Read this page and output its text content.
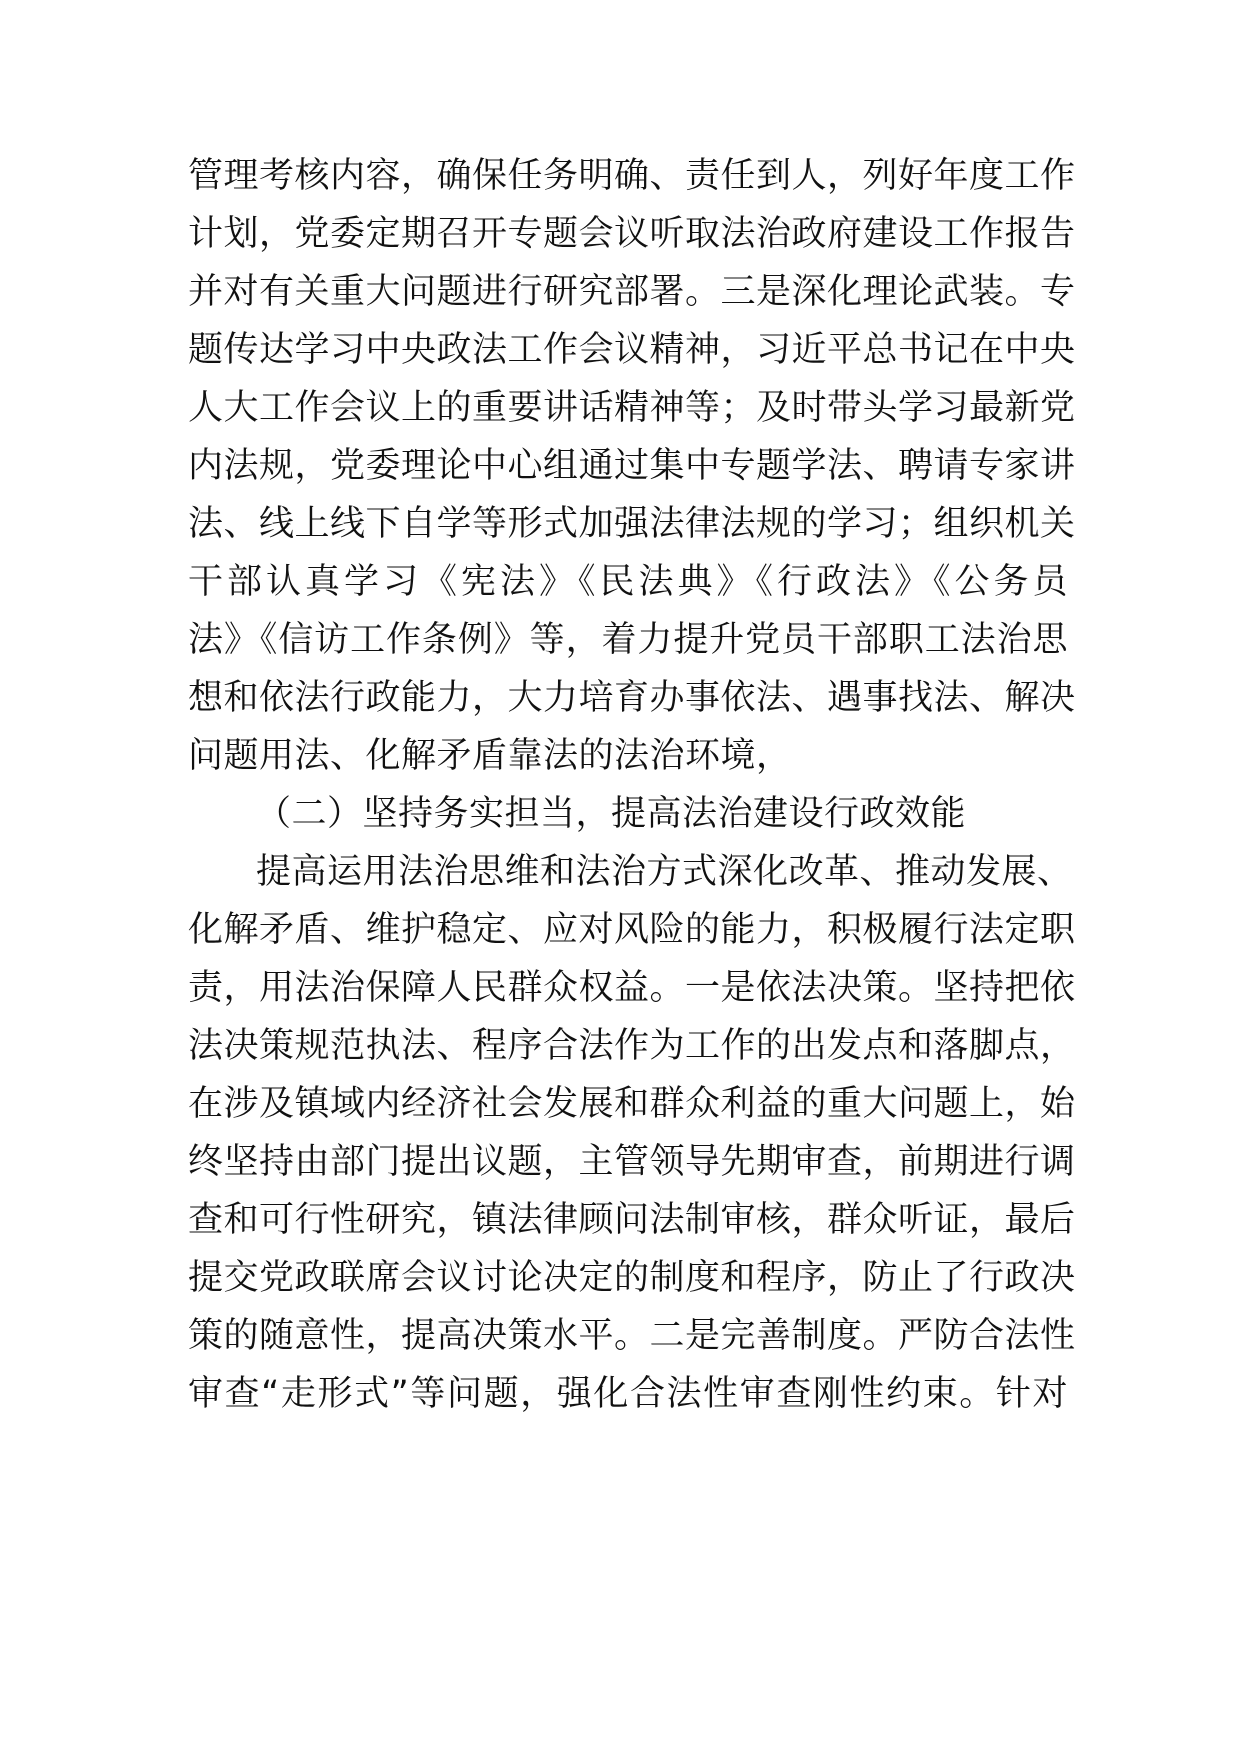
管理考核内容，确保任务明确、责任到人，列好年度工作
计划，党委定期召开专题会议听取法治政府建设工作报告
并对有关重大问题进行研究部署。三是深化理论武装。专
题传达学习中央政法工作会议精神，习近平总书记在中央
人大工作会议上的重要讲话精神等；及时带头学习最新党
内法规，党委理论中心组通过集中专题学法、聘请专家讲
法、线上线下自学等形式加强法律法规的学习；组织机关
干部认真学习《宪法》《民法典》《行政法》《公务员
法》《信访工作条例》等，着力提升党员干部职工法治思
想和依法行政能力，大力培育办事依法、遇事找法、解决
问题用法、化解矛盾靠法的法治环境，
（二）坚持务实担当，提高法治建设行政效能
提高运用法治思维和法治方式深化改革、推动发展、
化解矛盾、维护稳定、应对风险的能力，积极履行法定职
责，用法治保障人民群众权益。一是依法决策。坚持把依
法决策规范执法、程序合法作为工作的出发点和落脚点，
在涉及镇域内经济社会发展和群众利益的重大问题上，始
终坚持由部门提出议题，主管领导先期审查，前期进行调
查和可行性研究，镇法律顾问法制审核，群众听证，最后
提交党政联席会议讨论决定的制度和程序，防止了行政决
策的随意性，提高决策水平。二是完善制度。严防合法性
审查“走形式”等问题，强化合法性审查刚性约束。针对
